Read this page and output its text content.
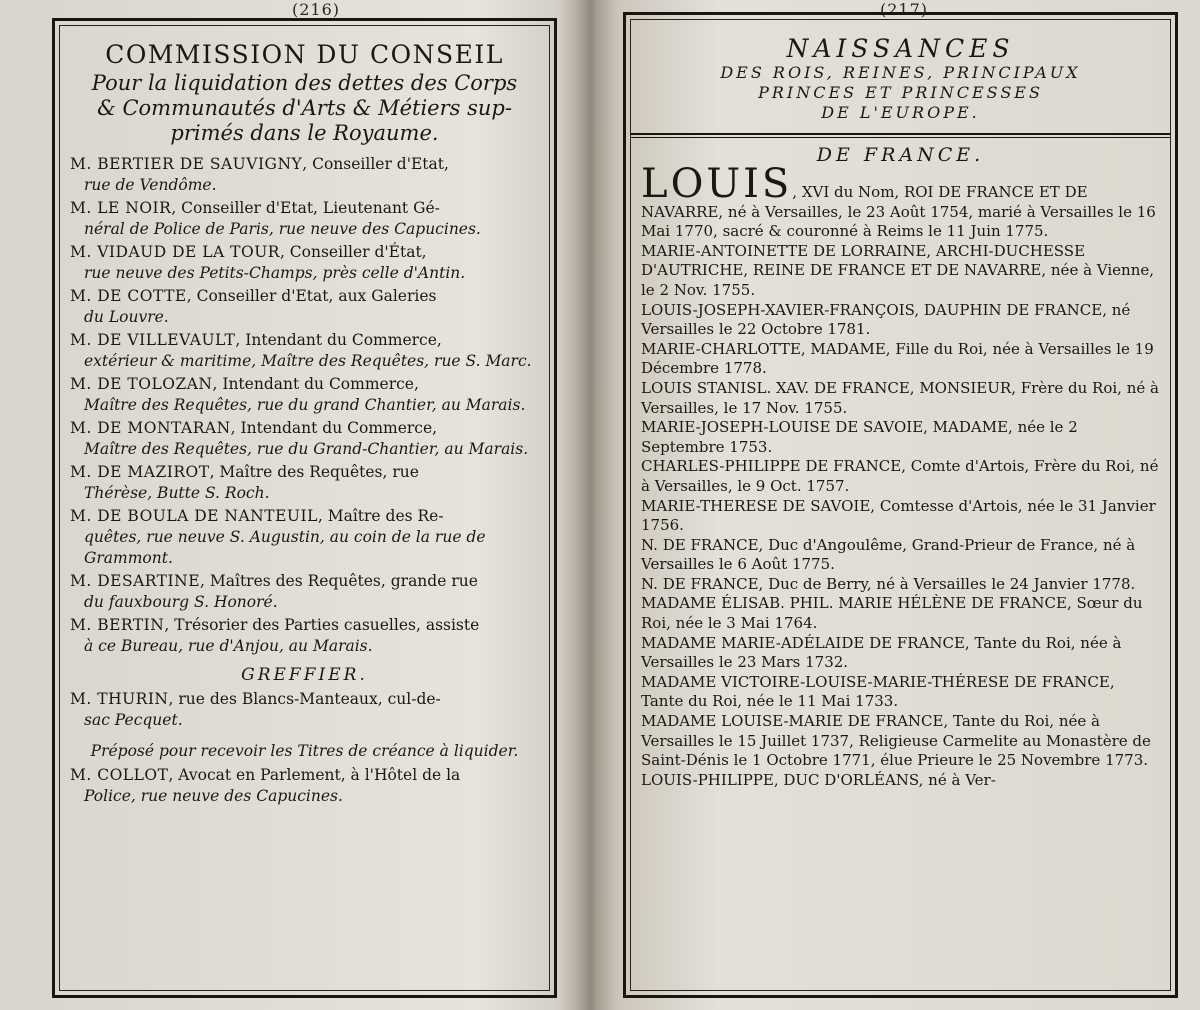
(216)
COMMISSION DU CONSEIL
Pour la liquidation des dettes des Corps
& Communautés d'Arts & Métiers sup-
primés dans le Royaume.
M. BERTIER DE SAUVIGNY, Conseiller d'Etat,
rue de Vendôme.
M. LE NOIR, Conseiller d'Etat, Lieutenant Gé-
néral de Police de Paris, rue neuve des Capucines.
M. VIDAUD DE LA TOUR, Conseiller d'État,
rue neuve des Petits-Champs, près celle d'Antin.
M. DE COTTE, Conseiller d'Etat, aux Galeries
du Louvre.
M. DE VILLEVAULT, Intendant du Commerce,
extérieur & maritime, Maître des Requêtes, rue S. Marc.
M. DE TOLOZAN, Intendant du Commerce,
Maître des Requêtes, rue du grand Chantier, au Marais.
M. DE MONTARAN, Intendant du Commerce,
Maître des Requêtes, rue du Grand-Chantier, au Marais.
M. DE MAZIROT, Maître des Requêtes, rue
Thérèse, Butte S. Roch.
M. DE BOULA DE NANTEUIL, Maître des Re-
quêtes, rue neuve S. Augustin, au coin de la rue de Grammont.
M. DESARTINE, Maîtres des Requêtes, grande rue
du fauxbourg S. Honoré.
M. BERTIN, Trésorier des Parties casuelles, assiste
à ce Bureau, rue d'Anjou, au Marais.
GREFFIER.
M. THURIN, rue des Blancs-Manteaux, cul-de-
sac Pecquet.
Préposé pour recevoir les Titres de créance à liquider.
M. COLLOT, Avocat en Parlement, à l'Hôtel de la
Police, rue neuve des Capucines.
(217)
NAISSANCES
DES ROIS, REINES, PRINCIPAUX
PRINCES ET PRINCESSES
DE L'EUROPE.
DE FRANCE.
LOUIS, XVI du Nom, ROI DE FRANCE ET DE NAVARRE, né à Versailles, le 23 Août 1754, marié à Versailles le 16 Mai 1770, sacré & couronné à Reims le 11 Juin 1775.
MARIE-ANTOINETTE DE LORRAINE, ARCHI-DUCHESSE D'AUTRICHE, REINE DE FRANCE ET DE NAVARRE, née à Vienne, le 2 Nov. 1755.
LOUIS-JOSEPH-XAVIER-FRANÇOIS, DAUPHIN DE FRANCE, né Versailles le 22 Octobre 1781.
MARIE-CHARLOTTE, MADAME, Fille du Roi, née à Versailles le 19 Décembre 1778.
LOUIS STANISL. XAV. DE FRANCE, MONSIEUR, Frère du Roi, né à Versailles, le 17 Nov. 1755.
MARIE-JOSEPH-LOUISE DE SAVOIE, MADAME, née le 2 Septembre 1753.
CHARLES-PHILIPPE DE FRANCE, Comte d'Artois, Frère du Roi, né à Versailles, le 9 Oct. 1757.
MARIE-THERESE DE SAVOIE, Comtesse d'Artois, née le 31 Janvier 1756.
N. DE FRANCE, Duc d'Angoulême, Grand-Prieur de France, né à Versailles le 6 Août 1775.
N. DE FRANCE, Duc de Berry, né à Versailles le 24 Janvier 1778.
MADAME ÉLISAB. PHIL. MARIE HÉLÈNE DE FRANCE, Sœur du Roi, née le 3 Mai 1764.
MADAME MARIE-ADÉLAIDE DE FRANCE, Tante du Roi, née à Versailles le 23 Mars 1732.
MADAME VICTOIRE-LOUISE-MARIE-THÉRESE DE FRANCE, Tante du Roi, née le 11 Mai 1733.
MADAME LOUISE-MARIE DE FRANCE, Tante du Roi, née à Versailles le 15 Juillet 1737, Religieuse Carmelite au Monastère de Saint-Dénis le 1 Octobre 1771, élue Prieure le 25 Novembre 1773.
LOUIS-PHILIPPE, DUC D'ORLÉANS, né à Ver-
